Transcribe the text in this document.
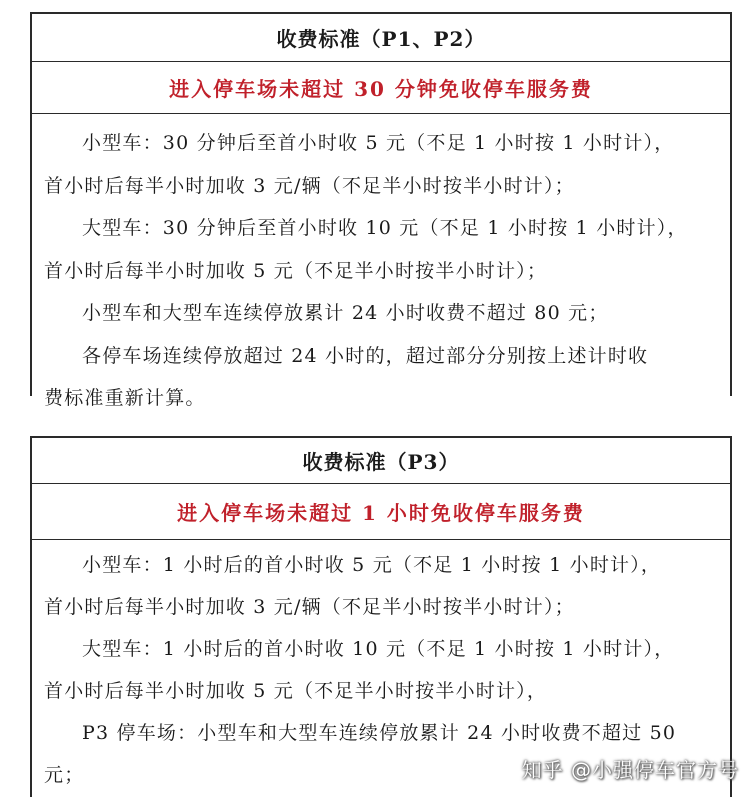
收费标准（P1、P2）
进入停车场未超过 30 分钟免收停车服务费

小型车：30 分钟后至首小时收 5 元（不足 1 小时按 1 小时计），

首小时后每半小时加收 3 元/辆（不足半小时按半小时计）；

大型车：30 分钟后至首小时收 10 元（不足 1 小时按 1 小时计），

首小时后每半小时加收 5 元（不足半小时按半小时计）；

小型车和大型车连续停放累计 24 小时收费不超过 80 元；

各停车场连续停放超过 24 小时的，超过部分分别按上述计时收

费标准重新计算。

收费标准（P3）
进入停车场未超过 1 小时免收停车服务费

小型车：1 小时后的首小时收 5 元（不足 1 小时按 1 小时计），

首小时后每半小时加收 3 元/辆（不足半小时按半小时计）；

大型车：1 小时后的首小时收 10 元（不足 1 小时按 1 小时计），

首小时后每半小时加收 5 元（不足半小时按半小时计），

P3 停车场：小型车和大型车连续停放累计 24 小时收费不超过 50

元；	知乎 @小强停车官方号
